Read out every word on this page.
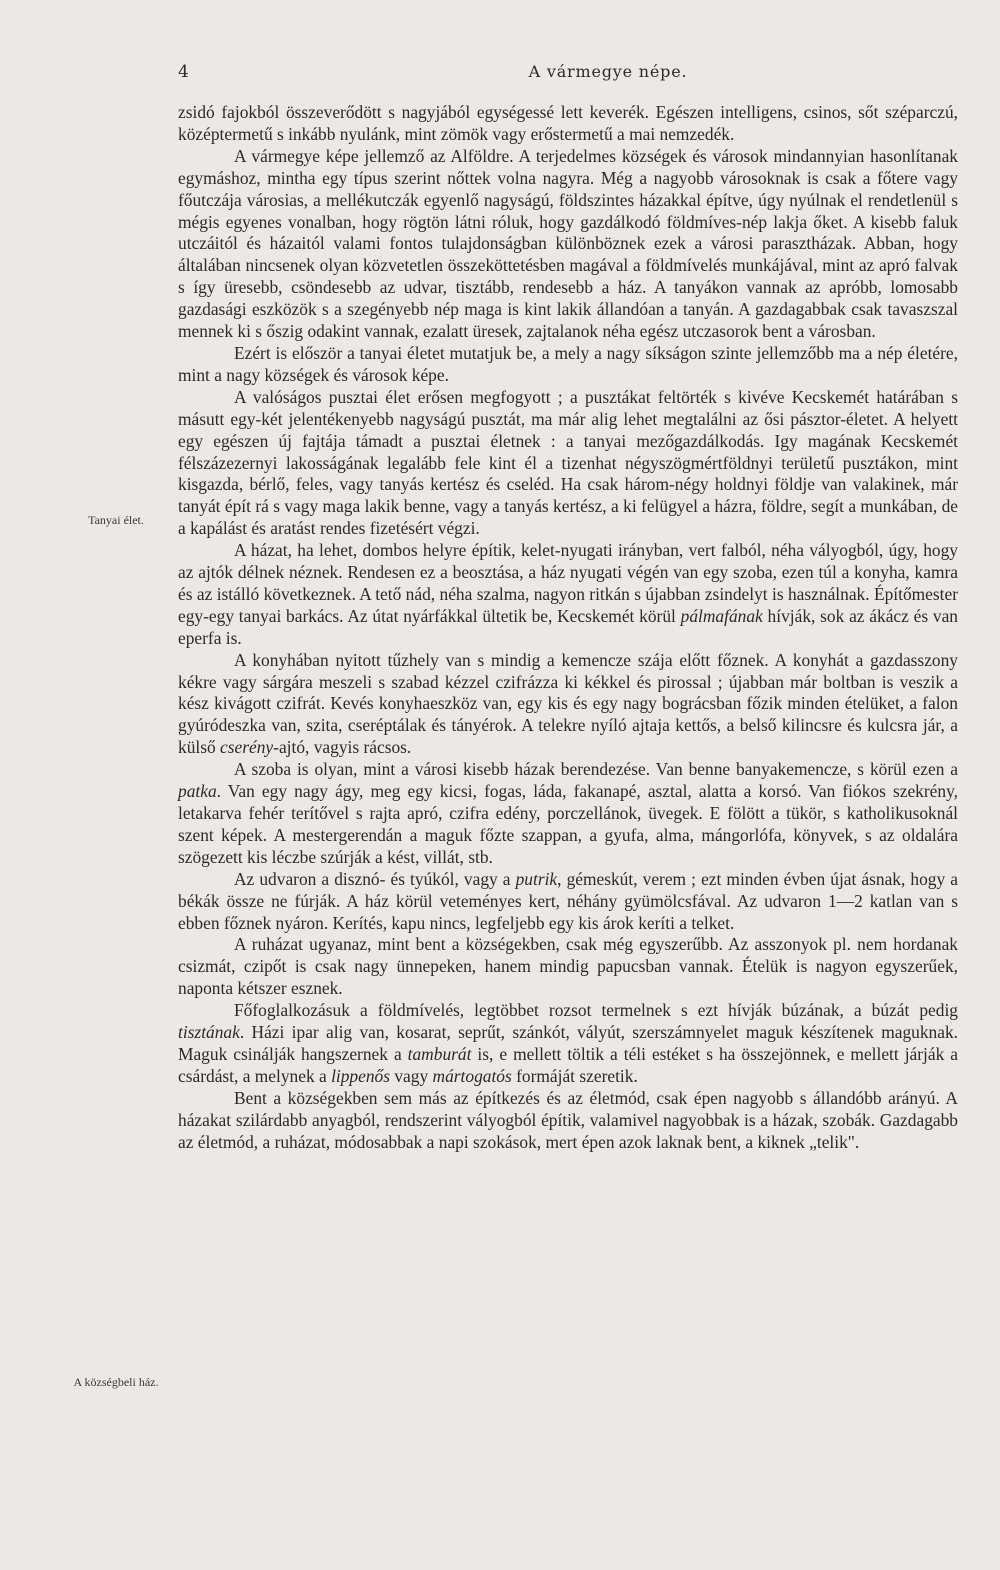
4	A vármegye népe.
Tanyai élet.
A községbeli ház.

zsidó fajokból összeverődött s nagyjából egységessé lett keverék. Egészen intelligens, csinos, sőt széparczú, középtermetű s inkább nyulánk, mint zömök vagy erőstermetű a mai nemzedék.

A vármegye képe jellemző az Alföldre. A terjedelmes községek és városok mindannyian hasonlítanak egymáshoz, mintha egy típus szerint nőttek volna nagyra. Még a nagyobb városoknak is csak a főtere vagy főutczája városias, a mellékutczák egyenlő nagyságú, földszintes házakkal építve, úgy nyúlnak el rendetlenül s mégis egyenes vonalban, hogy rögtön látni róluk, hogy gazdálkodó földmíves-nép lakja őket. A kisebb faluk utczáitól és házaitól valami fontos tulajdonságban különböznek ezek a városi parasztházak. Abban, hogy általában nincsenek olyan közvetetlen összeköttetésben magával a földmívelés munkájával, mint az apró falvak s így üresebb, csöndesebb az udvar, tisztább, rendesebb a ház. A tanyákon vannak az apróbb, lomosabb gazdasági eszközök s a szegényebb nép maga is kint lakik állandóan a tanyán. A gazdagabbak csak tavaszszal mennek ki s őszig odakint vannak, ezalatt üresek, zajtalanok néha egész utczasorok bent a városban.

Ezért is először a tanyai életet mutatjuk be, a mely a nagy síkságon szinte jellemzőbb ma a nép életére, mint a nagy községek és városok képe.

A valóságos pusztai élet erősen megfogyott ; a pusztákat feltörték s kivéve Kecskemét határában s másutt egy-két jelentékenyebb nagyságú pusztát, ma már alig lehet megtalálni az ősi pásztor-életet. A helyett egy egészen új fajtája támadt a pusztai életnek : a tanyai mezőgazdálkodás. Igy magának Kecskemét félszázezernyi lakosságának legalább fele kint él a tizenhat négyszögmértföldnyi területű pusztákon, mint kisgazda, bérlő, feles, vagy tanyás kertész és cseléd. Ha csak három-négy holdnyi földje van valakinek, már tanyát épít rá s vagy maga lakik benne, vagy a tanyás kertész, a ki felügyel a házra, földre, segít a munkában, de a kapálást és aratást rendes fizetésért végzi.

A házat, ha lehet, dombos helyre építik, kelet-nyugati irányban, vert falból, néha vályogból, úgy, hogy az ajtók délnek néznek. Rendesen ez a beosztása, a ház nyugati végén van egy szoba, ezen túl a konyha, kamra és az istálló következnek. A tető nád, néha szalma, nagyon ritkán s újabban zsindelyt is használnak. Építőmester egy-egy tanyai barkács. Az útat nyárfákkal ültetik be, Kecskemét körül pálmafának hívják, sok az ákácz és van eperfa is.

A konyhában nyitott tűzhely van s mindig a kemencze szája előtt főznek. A konyhát a gazdasszony kékre vagy sárgára meszeli s szabad kézzel czifrázza ki kékkel és pirossal ; újabban már boltban is veszik a kész kivágott czifrát. Kevés konyhaeszköz van, egy kis és egy nagy bográcsban főzik minden ételüket, a falon gyúródeszka van, szita, cseréptálak és tányérok. A telekre nyíló ajtaja kettős, a belső kilincsre és kulcsra jár, a külső cserény-ajtó, vagyis rácsos.

A szoba is olyan, mint a városi kisebb házak berendezése. Van benne banyakemencze, s körül ezen a patka. Van egy nagy ágy, meg egy kicsi, fogas, láda, fakanapé, asztal, alatta a korsó. Van fiókos szekrény, letakarva fehér terítővel s rajta apró, czifra edény, porczellánok, üvegek. E fölött a tükör, s katholikusoknál szent képek. A mestergerendán a maguk főzte szappan, a gyufa, alma, mángorlófa, könyvek, s az oldalára szögezett kis léczbe szúrják a kést, villát, stb.

Az udvaron a disznó- és tyúkól, vagy a putrik, gémeskút, verem ; ezt minden évben újat ásnak, hogy a békák össze ne fúrják. A ház körül veteményes kert, néhány gyümölcsfával. Az udvaron 1—2 katlan van s ebben főznek nyáron. Kerítés, kapu nincs, legfeljebb egy kis árok keríti a telket.

A ruházat ugyanaz, mint bent a községekben, csak még egyszerűbb. Az asszonyok pl. nem hordanak csizmát, czipőt is csak nagy ünnepeken, hanem mindig papucsban vannak. Ételük is nagyon egyszerűek, naponta kétszer esznek.

Főfoglalkozásuk a földmívelés, legtöbbet rozsot termelnek s ezt hívják búzának, a búzát pedig tisztának. Házi ipar alig van, kosarat, seprűt, szánkót, vályút, szerszámnyelet maguk készítenek maguknak. Maguk csinálják hangszernek a tamburát is, e mellett töltik a téli estéket s ha összejönnek, e mellett járják a csárdást, a melynek a lippenős vagy mártogatós formáját szeretik.

Bent a községekben sem más az építkezés és az életmód, csak épen nagyobb s állandóbb arányú. A házakat szilárdabb anyagból, rendszerint vályogból építik, valamivel nagyobbak is a házak, szobák. Gazdagabb az életmód, a ruházat, módosabbak a napi szokások, mert épen azok laknak bent, a kiknek „telik".
